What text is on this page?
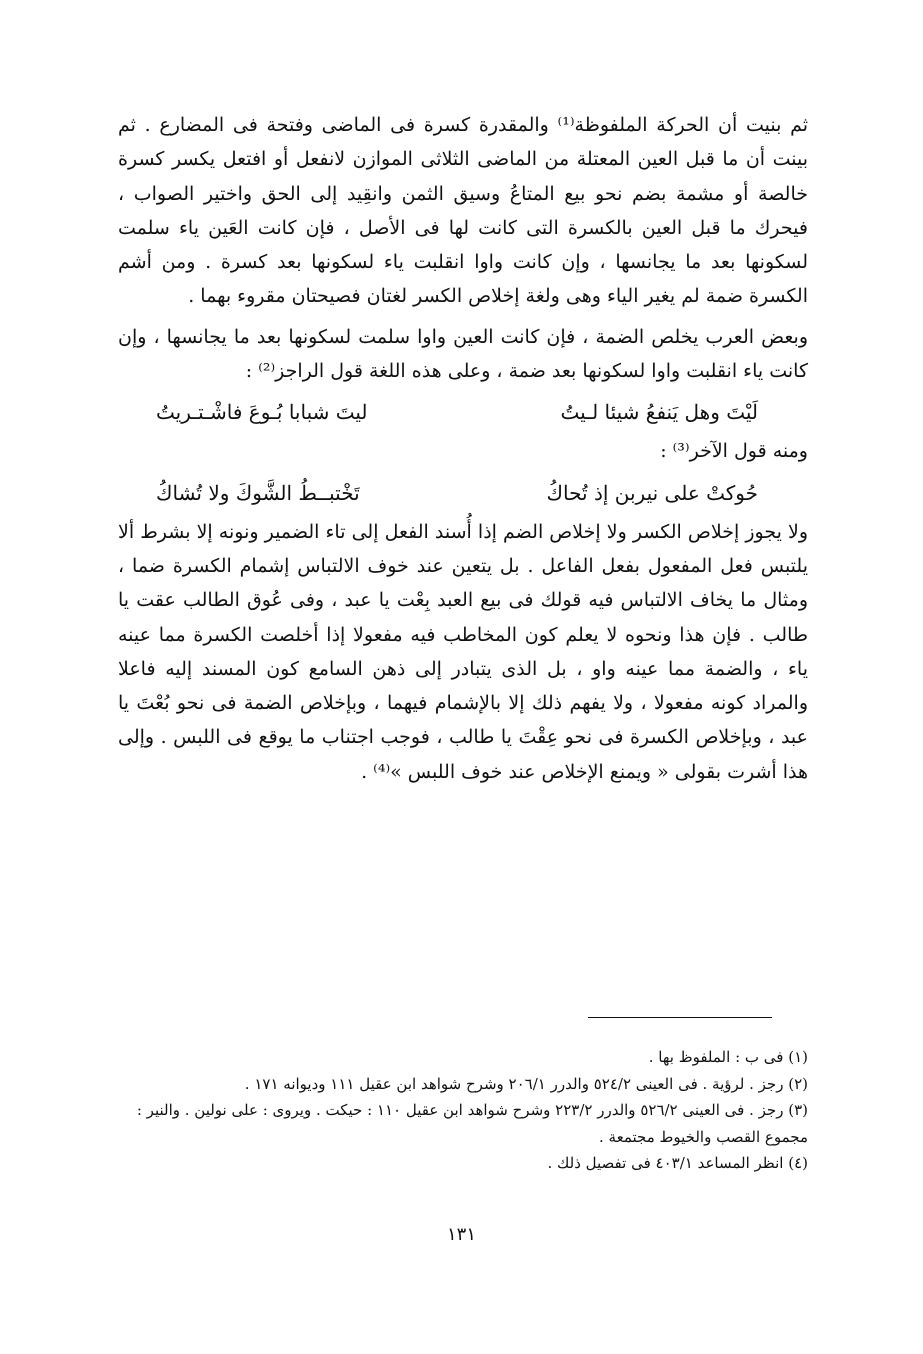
ثم بنيت أن الحركة الملفوظة⁽¹⁾ والمقدرة كسرة فى الماضى وفتحة فى المضارع . ثم بينت أن ما قبل العين المعتلة من الماضى الثلاثى الموازن لانفعل أو افتعل يكسر كسرة خالصة أو مشمة بضم نحو بيع المتاعُ وسيق الثمن وانقِيد إلى الحق واختير الصواب ، فيحرك ما قبل العين بالكسرة التى كانت لها فى الأصل ، فإن كانت العَين ياء سلمت لسكونها بعد ما يجانسها ، وإن كانت واوا انقلبت ياء لسكونها بعد كسرة . ومن أشم الكسرة ضمة لم يغير الياء وهى ولغة إخلاص الكسر لغتان فصيحتان مقروء بهما .

وبعض العرب يخلص الضمة ، فإن كانت العين واوا سلمت لسكونها بعد ما يجانسها ، وإن كانت ياء انقلبت واوا لسكونها بعد ضمة ، وعلى هذه اللغة قول الراجز⁽²⁾ :

لَيْتَ وهل يَنفعُ شيئا لـيتُ
ليتَ شبابا بُـوعَ فاشْـتـريتُ

ومنه قول الآخر⁽³⁾ :

حُوكتْ على نيربن إذ تُحاكُ
تَخْتبــطُ الشَّوكَ ولا تُشاكُ

ولا يجوز إخلاص الكسر ولا إخلاص الضم إذا أُسند الفعل إلى تاء الضمير ونونه إلا بشرط ألا يلتبس فعل المفعول بفعل الفاعل . بل يتعين عند خوف الالتباس إشمام الكسرة ضما ، ومثال ما يخاف الالتباس فيه قولك فى بيع العبد بِعْت يا عبد ، وفى عُوق الطالب عقت يا طالب . فإن هذا ونحوه لا يعلم كون المخاطب فيه مفعولا إذا أخلصت الكسرة مما عينه ياء ، والضمة مما عينه واو ، بل الذى يتبادر إلى ذهن السامع كون المسند إليه فاعلا والمراد كونه مفعولا ، ولا يفهم ذلك إلا بالإشمام فيهما ، وبإخلاص الضمة فى نحو بُعْتَ يا عبد ، وبإخلاص الكسرة فى نحو عِقْتَ يا طالب ، فوجب اجتناب ما يوقع فى اللبس . وإلى هذا أشرت بقولى « ويمنع الإخلاص عند خوف اللبس »⁽⁴⁾ .

(١) فى ب : الملفوظ بها .

(٢) رجز . لرؤية . فى العينى ٥٢٤/٢ والدرر ٢٠٦/١ وشرح شواهد ابن عقيل ١١١ وديوانه ١٧١ .

(٣) رجز . فى العينى ٥٢٦/٢ والدرر ٢٢٣/٢ وشرح شواهد ابن عقيل ١١٠ : حيكت . ويروى : على نولين . والنير : مجموع القصب والخيوط مجتمعة .

(٤) انظر المساعد ٤٠٣/١ فى تفصيل ذلك .

١٣١
